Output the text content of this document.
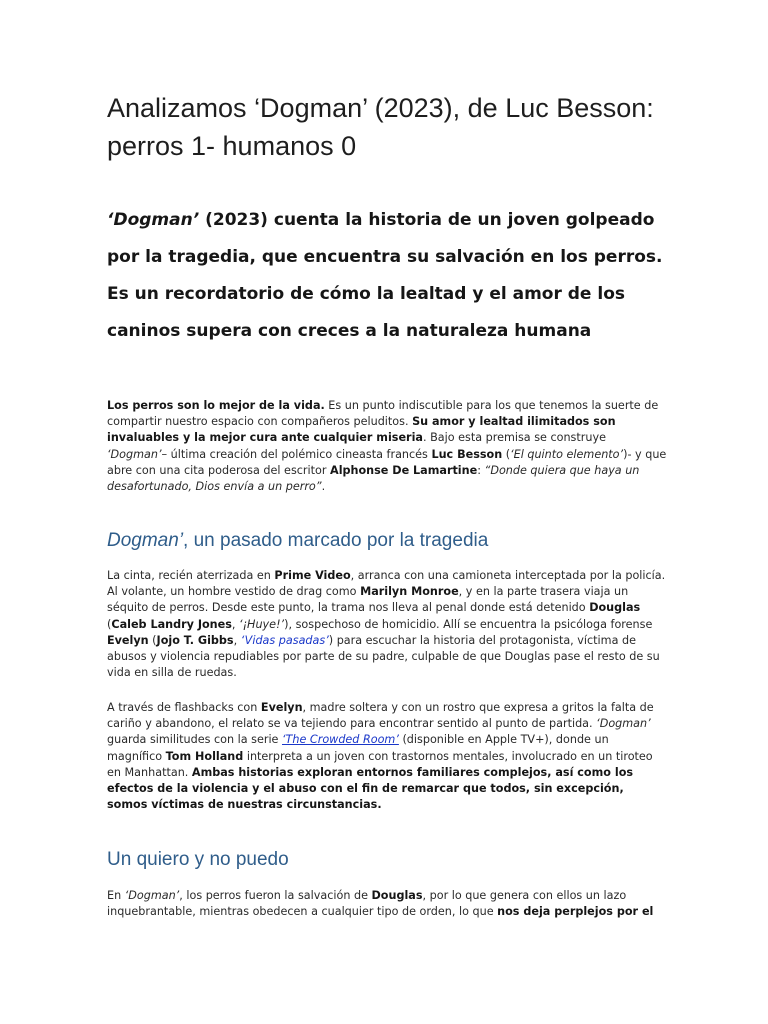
Analizamos ‘Dogman’ (2023), de Luc Besson: perros 1- humanos 0

‘Dogman’ (2023) cuenta la historia de un joven golpeado por la tragedia, que encuentra su salvación en los perros. Es un recordatorio de cómo la lealtad y el amor de los caninos supera con creces a la naturaleza humana

Los perros son lo mejor de la vida. Es un punto indiscutible para los que tenemos la suerte de compartir nuestro espacio con compañeros peluditos. Su amor y lealtad ilimitados son invaluables y la mejor cura ante cualquier miseria. Bajo esta premisa se construye ‘Dogman’– última creación del polémico cineasta francés Luc Besson (‘El quinto elemento’)- y que abre con una cita poderosa del escritor Alphonse De Lamartine: “Donde quiera que haya un desafortunado, Dios envía a un perro”.

Dogman’, un pasado marcado por la tragedia

La cinta, recién aterrizada en Prime Video, arranca con una camioneta interceptada por la policía. Al volante, un hombre vestido de drag como Marilyn Monroe, y en la parte trasera viaja un séquito de perros. Desde este punto, la trama nos lleva al penal donde está detenido Douglas (Caleb Landry Jones, ‘¡Huye!’), sospechoso de homicidio. Allí se encuentra la psicóloga forense Evelyn (Jojo T. Gibbs, ‘Vidas pasadas’) para escuchar la historia del protagonista, víctima de abusos y violencia repudiables por parte de su padre, culpable de que Douglas pase el resto de su vida en silla de ruedas.

A través de flashbacks con Evelyn, madre soltera y con un rostro que expresa a gritos la falta de cariño y abandono, el relato se va tejiendo para encontrar sentido al punto de partida. ‘Dogman’ guarda similitudes con la serie ‘The Crowded Room’ (disponible en Apple TV+), donde un magnífico Tom Holland interpreta a un joven con trastornos mentales, involucrado en un tiroteo en Manhattan. Ambas historias exploran entornos familiares complejos, así como los efectos de la violencia y el abuso con el fin de remarcar que todos, sin excepción, somos víctimas de nuestras circunstancias.

Un quiero y no puedo

En ‘Dogman’, los perros fueron la salvación de Douglas, por lo que genera con ellos un lazo inquebrantable, mientras obedecen a cualquier tipo de orden, lo que nos deja perplejos por el
